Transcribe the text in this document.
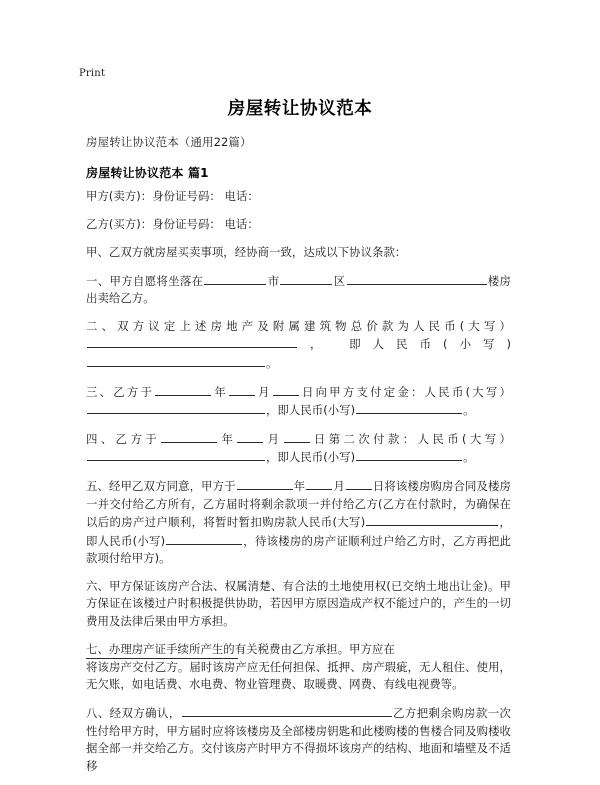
Print
房屋转让协议范本
房屋转让协议范本（通用22篇）
房屋转让协议范本 篇1

甲方(卖方)：身份证号码： 电话：

乙方(买方)：身份证号码： 电话：

甲、乙双方就房屋买卖事项，经协商一致，达成以下协议条款：

一、甲方自愿将坐落在	市	区	楼房出卖给乙方。

二、双方议定上述房地产及附属建筑物总价款为人民币(大写）， 即人民币(小写)。

三、乙方于	年 月 日向甲方支付定金：人民币(大写），即人民币(小写)	。

四、乙方于	年 月 日第二次付款：人民币(大写），即人民币(小写)	。

五、经甲乙双方同意，甲方于	年 月 日将该楼房购房合同及楼房一并交付给乙方所有，乙方届时将剩余款项一并付给乙方(乙方在付款时，为确保在以后的房产过户顺利，将暂时暂扣购房款人民币(大写)	，即人民币(小写)	，待该楼房的房产证顺利过户给乙方时，乙方再把此款项付给甲方)。

六、甲方保证该房产合法、权属清楚、有合法的土地使用权(已交纳土地出让金)。甲方保证在该楼过户时积极提供协助，若因甲方原因造成产权不能过户的，产生的一切费用及法律后果由甲方承担。

七、办理房产证手续所产生的有关税费由乙方承担。甲方应在
将该房产交付乙方。届时该房产应无任何担保、抵押、房产瑕疵，无人租住、使用，无欠账，如电话费、水电费、物业管理费、取暖费、网费、有线电视费等。

八、经双方确认，	乙方把剩余购房款一次性付给甲方时，甲方届时应将该楼房及全部楼房钥匙和此楼购楼的售楼合同及购楼收据全部一并交给乙方。交付该房产时甲方不得损坏该房产的结构、地面和墙壁及不适移
